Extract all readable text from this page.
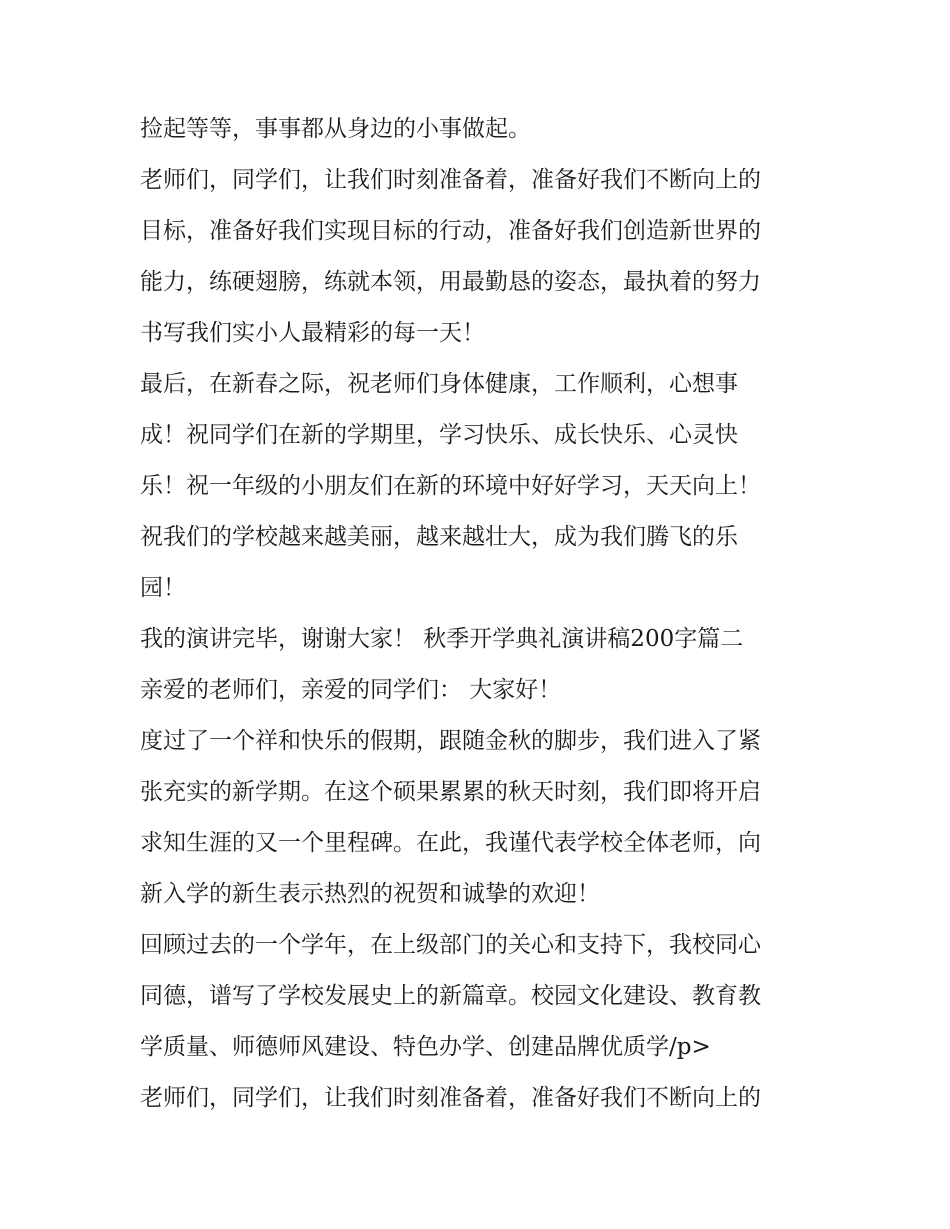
捡起等等，事事都从身边的小事做起。
老师们，同学们，让我们时刻准备着，准备好我们不断向上的
目标，准备好我们实现目标的行动，准备好我们创造新世界的
能力，练硬翅膀，练就本领，用最勤恳的姿态，最执着的努力
书写我们实小人最精彩的每一天！
最后，在新春之际，祝老师们身体健康，工作顺利，心想事
成！祝同学们在新的学期里，学习快乐、成长快乐、心灵快
乐！祝一年级的小朋友们在新的环境中好好学习，天天向上！
祝我们的学校越来越美丽，越来越壮大，成为我们腾飞的乐
园！
我的演讲完毕，谢谢大家！ 秋季开学典礼演讲稿200字篇二
亲爱的老师们，亲爱的同学们： 大家好！
度过了一个祥和快乐的假期，跟随金秋的脚步，我们进入了紧
张充实的新学期。在这个硕果累累的秋天时刻，我们即将开启
求知生涯的又一个里程碑。在此，我谨代表学校全体老师，向
新入学的新生表示热烈的祝贺和诚挚的欢迎！
回顾过去的一个学年，在上级部门的关心和支持下，我校同心
同德，谱写了学校发展史上的新篇章。校园文化建设、教育教
学质量、师德师风建设、特色办学、创建品牌优质学/p>
老师们，同学们，让我们时刻准备着，准备好我们不断向上的
